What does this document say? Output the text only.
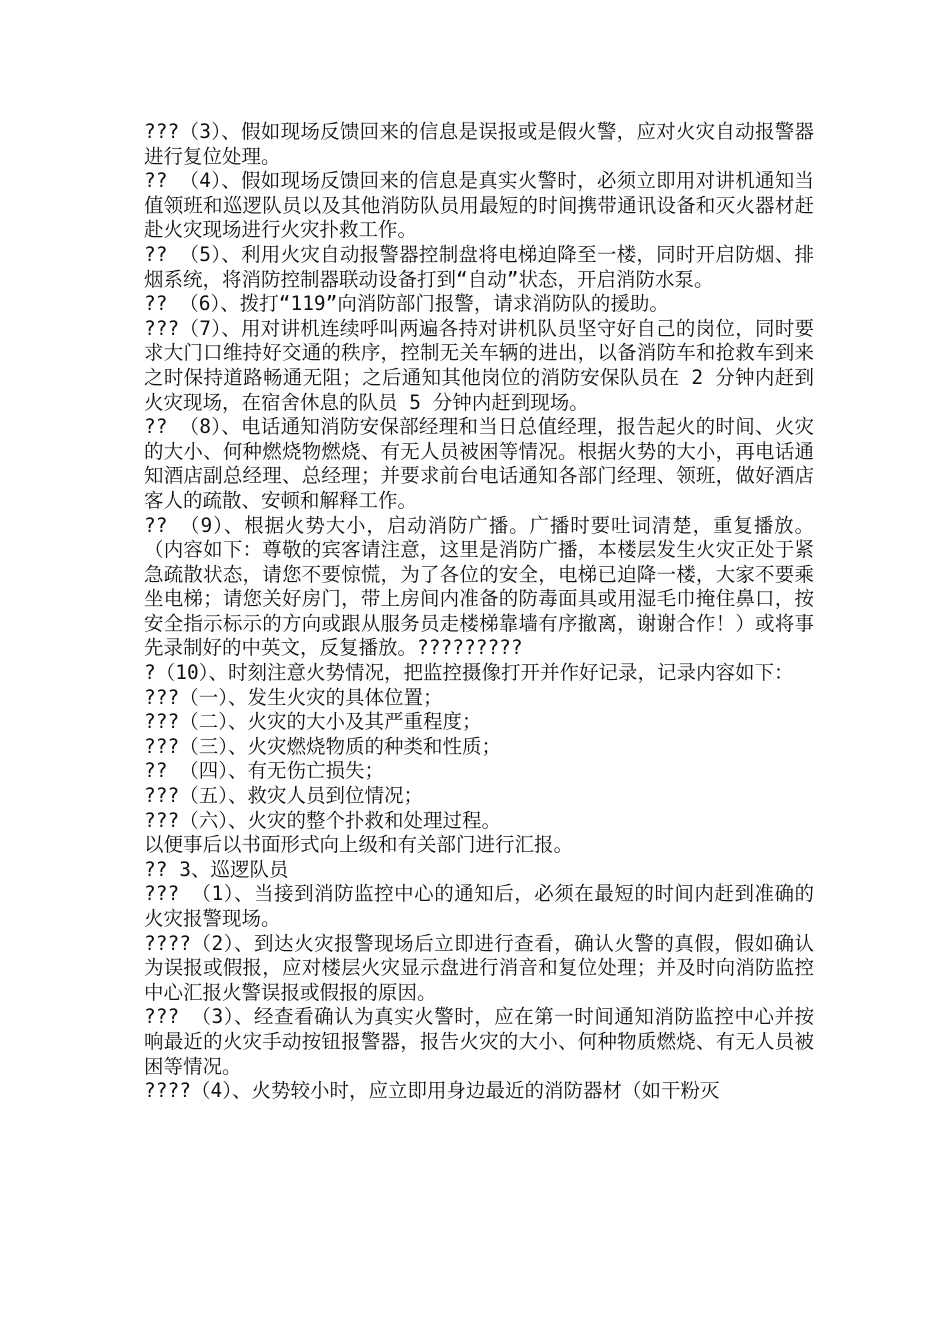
???（3）、假如现场反馈回来的信息是误报或是假火警，应对火灾自动报警器进行复位处理。

?? （4）、假如现场反馈回来的信息是真实火警时，必须立即用对讲机通知当值领班和巡逻队员以及其他消防队员用最短的时间携带通讯设备和灭火器材赶赴火灾现场进行火灾扑救工作。

?? （5）、利用火灾自动报警器控制盘将电梯迫降至一楼，同时开启防烟、排烟系统，将消防控制器联动设备打到“自动”状态，开启消防水泵。

?? （6）、拨打“119”向消防部门报警，请求消防队的援助。

???（7）、用对讲机连续呼叫两遍各持对讲机队员坚守好自己的岗位，同时要求大门口维持好交通的秩序，控制无关车辆的进出，以备消防车和抢救车到来之时保持道路畅通无阻；之后通知其他岗位的消防安保队员在 2 分钟内赶到火灾现场，在宿舍休息的队员 5 分钟内赶到现场。

?? （8）、电话通知消防安保部经理和当日总值经理，报告起火的时间、火灾的大小、何种燃烧物燃烧、有无人员被困等情况。根据火势的大小，再电话通知酒店副总经理、总经理；并要求前台电话通知各部门经理、领班，做好酒店客人的疏散、安顿和解释工作。

?? （9）、根据火势大小，启动消防广播。广播时要吐词清楚，重复播放。（内容如下：尊敬的宾客请注意，这里是消防广播，本楼层发生火灾正处于紧急疏散状态，请您不要惊慌，为了各位的安全，电梯已迫降一楼，大家不要乘坐电梯；请您关好房门，带上房间内准备的防毒面具或用湿毛巾掩住鼻口，按安全指示标示的方向或跟从服务员走楼梯靠墙有序撤离，谢谢合作！）或将事先录制好的中英文，反复播放。?????????

?（10）、时刻注意火势情况，把监控摄像打开并作好记录，记录内容如下：

???（一）、发生火灾的具体位置；

???（二）、火灾的大小及其严重程度；

???（三）、火灾燃烧物质的种类和性质；

?? （四）、有无伤亡损失；

???（五）、救灾人员到位情况；

???（六）、火灾的整个扑救和处理过程。

以便事后以书面形式向上级和有关部门进行汇报。

?? 3、巡逻队员

??? （1）、当接到消防监控中心的通知后，必须在最短的时间内赶到准确的火灾报警现场。

????（2）、到达火灾报警现场后立即进行查看，确认火警的真假，假如确认为误报或假报，应对楼层火灾显示盘进行消音和复位处理；并及时向消防监控中心汇报火警误报或假报的原因。

??? （3）、经查看确认为真实火警时，应在第一时间通知消防监控中心并按响最近的火灾手动按钮报警器，报告火灾的大小、何种物质燃烧、有无人员被困等情况。

????（4）、火势较小时，应立即用身边最近的消防器材（如干粉灭
